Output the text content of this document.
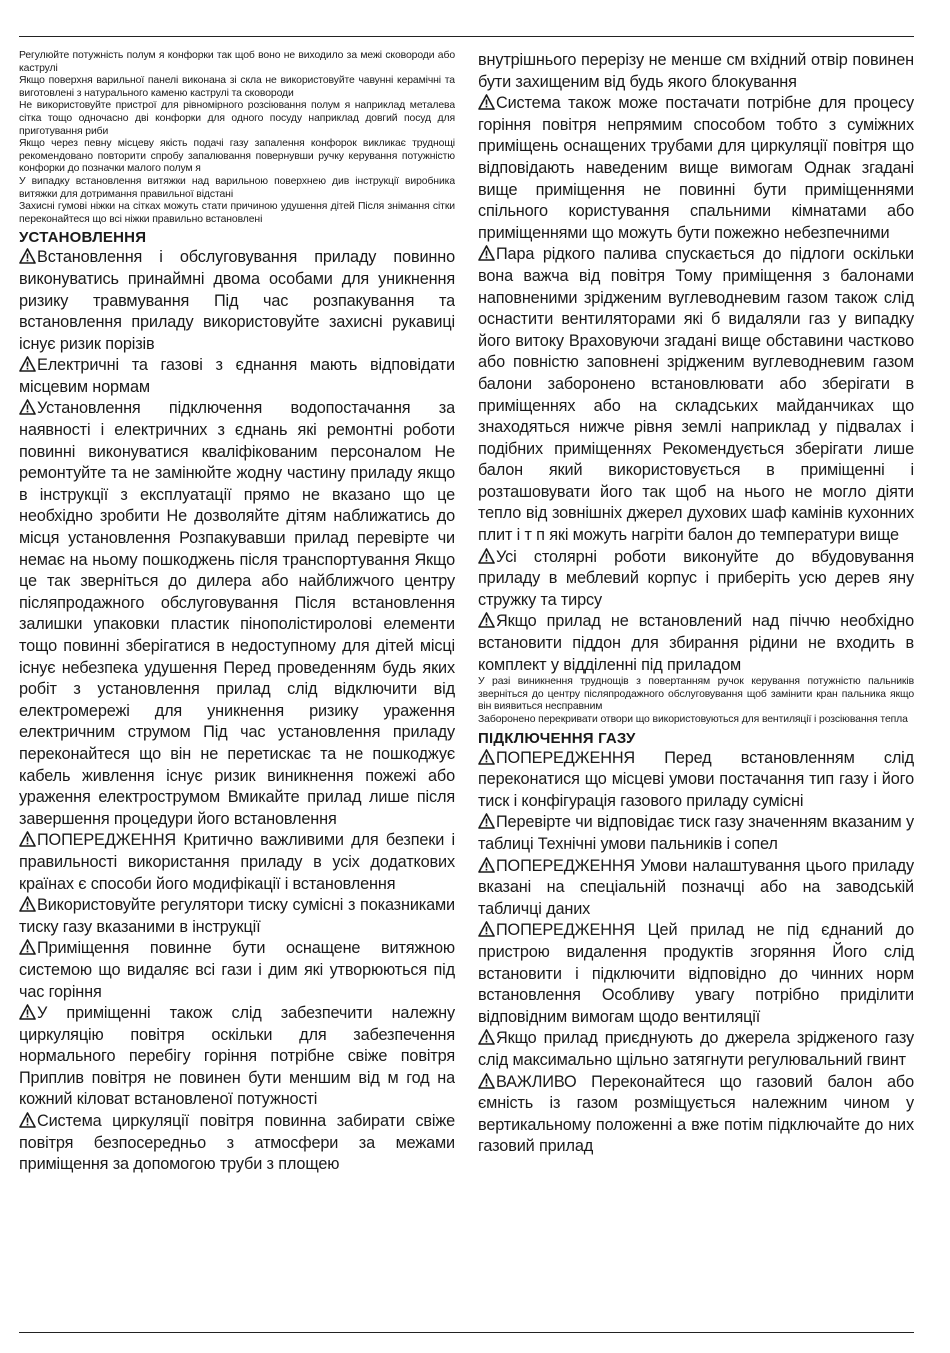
Регулюйте потужність полум я конфорки так щоб воно не виходило за межі сковороди або каструлі

Якщо поверхня варильної панелі виконана зі скла не використовуйте чавунні керамічні та виготовлені з натурального каменю каструлі та сковороди

Не використовуйте пристрої для рівномірного розсіювання полум я наприклад металева сітка тощо одночасно дві конфорки для одного посуду наприклад довгий посуд для приготування риби

Якщо через певну місцеву якість подачі газу запалення конфорок викликає труднощі рекомендовано повторити спробу запалювання повернувши ручку керування потужністю конфорки до позначки малого полум я

У випадку встановлення витяжки над варильною поверхнею див інструкції виробника витяжки для дотримання правильної відстані

Захисні гумові ніжки на сітках можуть стати причиною удушення дітей Після знімання сітки переконайтеся що всі ніжки правильно встановлені

УСТАНОВЛЕННЯ

Встановлення і обслуговування приладу повинно виконуватись принаймні двома особами для уникнення ризику травмування Під час розпакування та встановлення приладу використовуйте захисні рукавиці існує ризик порізів

Електричні та газові з єднання мають відповідати місцевим нормам

Установлення підключення водопостачання за наявності і електричних з єднань які ремонтні роботи повинні виконуватися кваліфікованим персоналом Не ремонтуйте та не замінюйте жодну частину приладу якщо в інструкції з експлуатації прямо не вказано що це необхідно зробити Не дозволяйте дітям наближатись до місця установлення Розпакувавши прилад перевірте чи немає на ньому пошкоджень після транспортування Якщо це так зверніться до дилера або найближчого центру післяпродажного обслуговування Після встановлення залишки упаковки пластик пінополістиролові елементи тощо повинні зберігатися в недоступному для дітей місці існує небезпека удушення Перед проведенням будь яких робіт з установлення прилад слід відключити від електромережі для уникнення ризику ураження електричним струмом Під час установлення приладу переконайтеся що він не перетискає та не пошкоджує кабель живлення існує ризик виникнення пожежі або ураження електрострумом Вмикайте прилад лише після завершення процедури його встановлення

ПОПЕРЕДЖЕННЯ Критично важливими для безпеки і правильності використання приладу в усіх додаткових країнах є способи його модифікації і встановлення

Використовуйте регулятори тиску сумісні з показниками тиску газу вказаними в інструкції

Приміщення повинне бути оснащене витяжною системою що видаляє всі гази і дим які утворюються під час горіння

У приміщенні також слід забезпечити належну циркуляцію повітря оскільки для забезпечення нормального перебігу горіння потрібне свіже повітря Приплив повітря не повинен бути меншим від м год на кожний кіловат встановленої потужності

Система циркуляції повітря повинна забирати свіже повітря безпосередньо з атмосфери за межами приміщення за допомогою труби з площею

внутрішнього перерізу не менше см вхідний отвір повинен бути захищеним від будь якого блокування

Система також може постачати потрібне для процесу горіння повітря непрямим способом тобто з суміжних приміщень оснащених трубами для циркуляції повітря що відповідають наведеним вище вимогам Однак згадані вище приміщення не повинні бути приміщеннями спільного користування спальними кімнатами або приміщеннями що можуть бути пожежно небезпечними

Пара рідкого палива спускається до підлоги оскільки вона важча від повітря Тому приміщення з балонами наповненими зрідженим вуглеводневим газом також слід оснастити вентиляторами які б видаляли газ у випадку його витоку Враховуючи згадані вище обставини частково або повністю заповнені зрідженим вуглеводневим газом балони заборонено встановлювати або зберігати в приміщеннях або на складських майданчиках що знаходяться нижче рівня землі наприклад у підвалах і подібних приміщеннях Рекомендується зберігати лише балон який використовується в приміщенні і розташовувати його так щоб на нього не могло діяти тепло від зовнішніх джерел духових шаф камінів кухонних плит і т п які можуть нагріти балон до температури вище

Усі столярні роботи виконуйте до вбудовування приладу в меблевий корпус і приберіть усю дерев яну стружку та тирсу

Якщо прилад не встановлений над піччю необхідно встановити піддон для збирання рідини не входить в комплект у відділенні під приладом

У разі виникнення труднощів з повертанням ручок керування потужністю пальників зверніться до центру післяпродажного обслуговування щоб замінити кран пальника якщо він виявиться несправним

Заборонено перекривати отвори що використовуються для вентиляції і розсіювання тепла

ПІДКЛЮЧЕННЯ ГАЗУ

ПОПЕРЕДЖЕННЯ Перед встановленням слід переконатися що місцеві умови постачання тип газу і його тиск і конфігурація газового приладу сумісні

Перевірте чи відповідає тиск газу значенням вказаним у таблиці Технічні умови пальників і сопел

ПОПЕРЕДЖЕННЯ Умови налаштування цього приладу вказані на спеціальній позначці або на заводській табличці даних

ПОПЕРЕДЖЕННЯ Цей прилад не під єднаний до пристрою видалення продуктів згоряння Його слід встановити і підключити відповідно до чинних норм встановлення Особливу увагу потрібно приділити відповідним вимогам щодо вентиляції

Якщо прилад приєднують до джерела зрідженого газу слід максимально щільно затягнути регулювальний гвинт

ВАЖЛИВО Переконайтеся що газовий балон або ємність із газом розміщується належним чином у вертикальному положенні а вже потім підключайте до них газовий прилад
